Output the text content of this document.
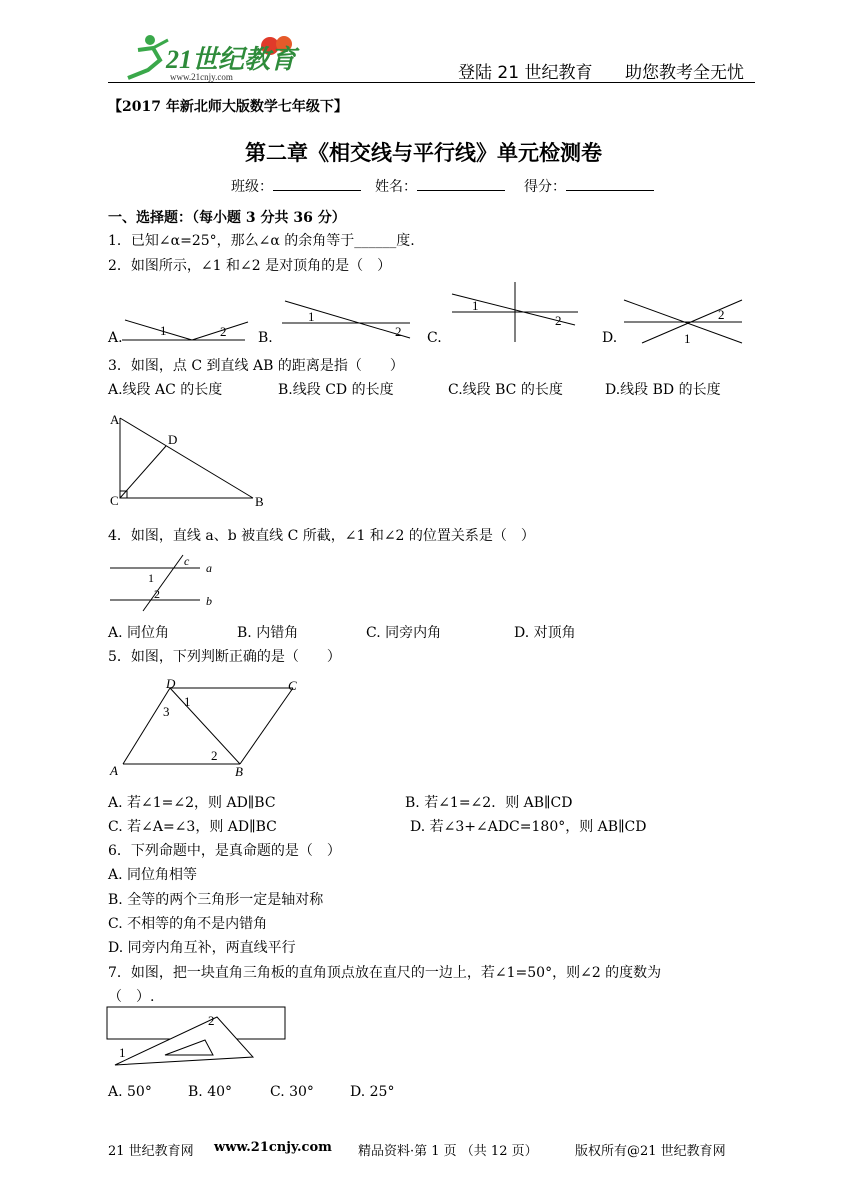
21世纪教育
www.21cnjy.com	登陆 21 世纪教育 助您教考全无忧
【2017 年新北师大版数学七年级下】
第二章《相交线与平行线》单元检测卷
班级：	姓名：	得分：
一、选择题：（每小题 3 分共 36 分）
1．已知∠α=25°，那么∠α 的余角等于______度.
2．如图所示，∠1 和∠2 是对顶角的是（　）
A.	1	2 B.
1
2 C.
1
2
D.
2
1
3．如图，点 C 到直线 AB 的距离是指（　　）
A.线段 AC 的长度	B.线段 CD 的长度	C.线段 BC 的长度	D.线段 BD 的长度
A
D
C	B
4．如图，直线 a、b 被直线 C 所截，∠1 和∠2 的位置关系是（　）
c a
b
1
2
A. 同位角	B. 内错角	C. 同旁内角	D. 对顶角
5．如图，下列判断正确的是（　　）
D	C
A	B
1
3
2
A. 若∠1=∠2，则 AD∥BC	B. 若∠1=∠2．则 AB∥CD
C. 若∠A=∠3，则 AD∥BC	D. 若∠3+∠ADC=180°，则 AB∥CD
6．下列命题中，是真命题的是（　）
A. 同位角相等
B. 全等的两个三角形一定是轴对称
C. 不相等的角不是内错角
D. 同旁内角互补，两直线平行
7．如图，把一块直角三角板的直角顶点放在直尺的一边上，若∠1=50°，则∠2 的度数为
（　）.
2
1
A. 50°	B. 40°	C. 30°	D. 25°
21 世纪教育网 www.21cnjy.com 精品资料·第 1 页 （共 12 页）	版权所有@21 世纪教育网
